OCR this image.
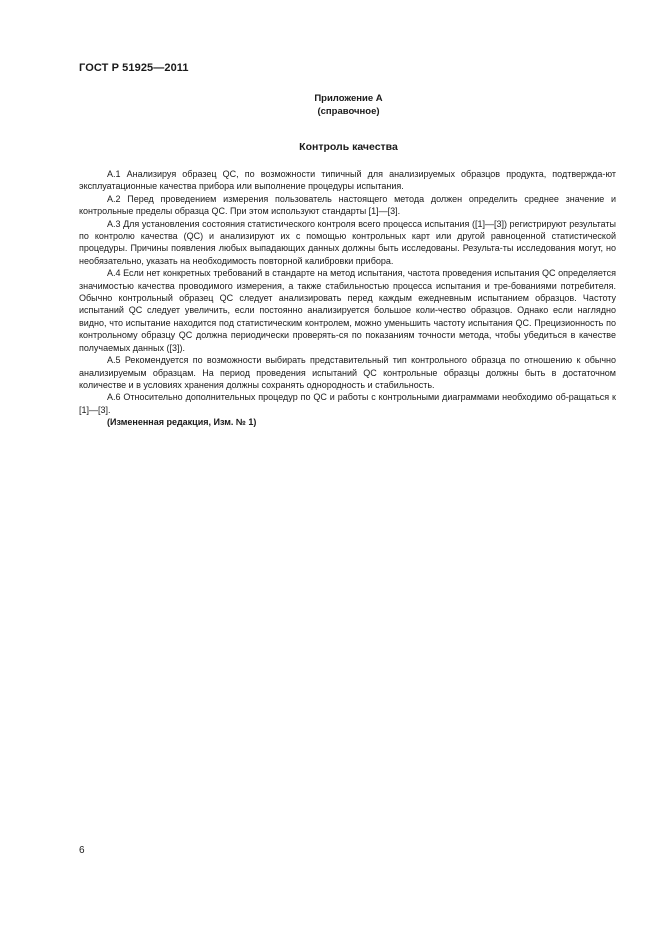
ГОСТ Р 51925—2011
Приложение А
(справочное)
Контроль качества

А.1 Анализируя образец QC, по возможности типичный для анализируемых образцов продукта, подтвержда-ют эксплуатационные качества прибора или выполнение процедуры испытания.

А.2 Перед проведением измерения пользователь настоящего метода должен определить среднее значение и контрольные пределы образца QC. При этом используют стандарты [1]—[3].

А.3 Для установления состояния статистического контроля всего процесса испытания ([1]—[3]) регистрируют результаты по контролю качества (QC) и анализируют их с помощью контрольных карт или другой равноценной статистической процедуры. Причины появления любых выпадающих данных должны быть исследованы. Результа-ты исследования могут, но необязательно, указать на необходимость повторной калибровки прибора.

А.4 Если нет конкретных требований в стандарте на метод испытания, частота проведения испытания QC определяется значимостью качества проводимого измерения, а также стабильностью процесса испытания и тре-бованиями потребителя. Обычно контрольный образец QC следует анализировать перед каждым ежедневным испытанием образцов. Частоту испытаний QC следует увеличить, если постоянно анализируется большое коли-чество образцов. Однако если наглядно видно, что испытание находится под статистическим контролем, можно уменьшить частоту испытания QC. Прецизионность по контрольному образцу QC должна периодически проверять-ся по показаниям точности метода, чтобы убедиться в качестве получаемых данных ([3]).

А.5 Рекомендуется по возможности выбирать представительный тип контрольного образца по отношению к обычно анализируемым образцам. На период проведения испытаний QC контрольные образцы должны быть в достаточном количестве и в условиях хранения должны сохранять однородность и стабильность.

А.6 Относительно дополнительных процедур по QC и работы с контрольными диаграммами необходимо об-ращаться к [1]—[3].

(Измененная редакция, Изм. № 1)

6
